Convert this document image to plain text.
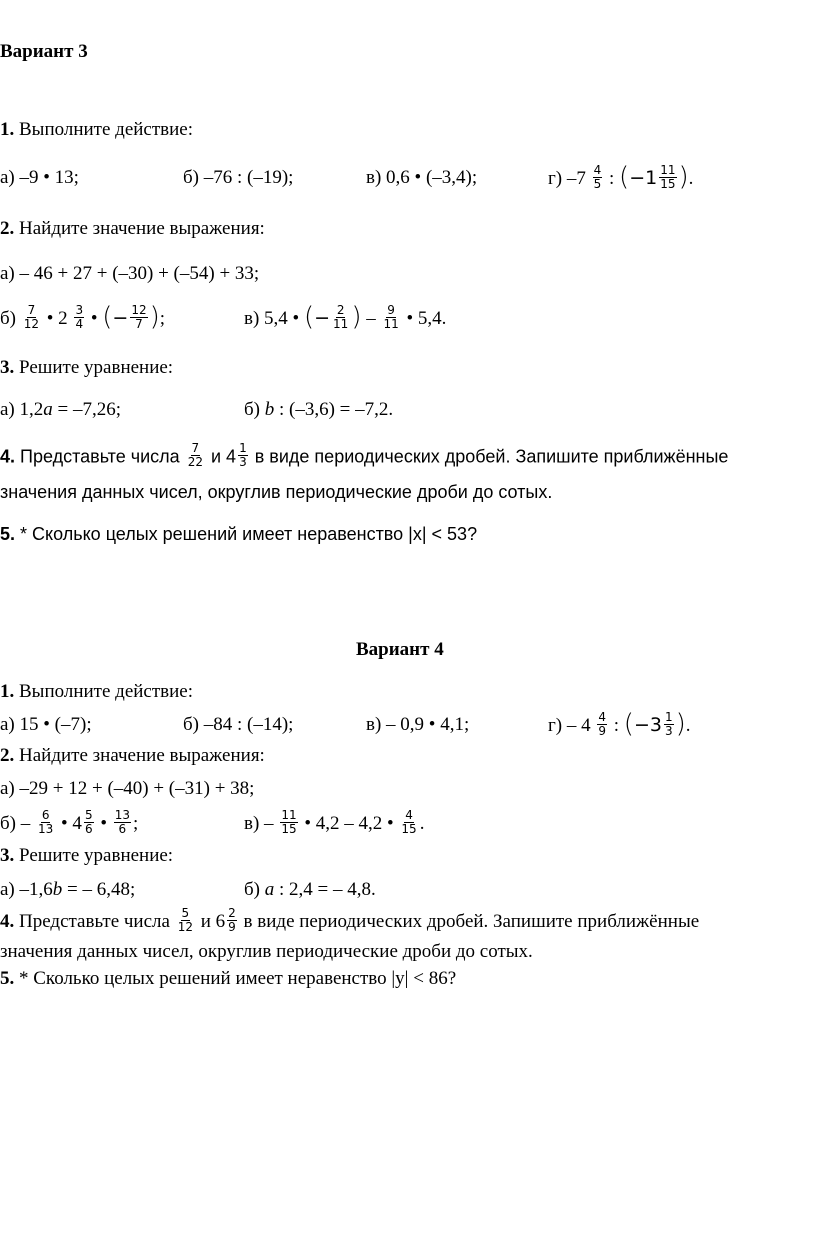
Вариант 3
1. Выполните действие:
а) –9 • 13;	б) –76 : (–19);	в) 0,6 • (–3,4);	г) $-7 \frac{4}{5}$ : ($-1 \frac{11}{15}$ ).
2. Найдите значение выражения:
а) – 46 + 27 + (–30) + (–54) + 33;
$б) \frac{7}{12}$ • $2 \frac{3}{4}$ • (− $\frac{12}{7}$ );	в) 5,4 • (− $\frac{2}{11}$ ) – $\frac{9}{11}$ • 5,4.
3. Решите уравнение:
а) 1,2a = –7,26;	б) b : (–3,6) = –7,2.
4. Представьте числа $\frac{7}{22}$ и $4 \frac{1}{3}$ в виде периодических дробей. Запишите приближённые
значения данных чисел, округлив периодические дроби до сотых.
5. * Сколько целых решений имеет неравенство |x| < 53?
Вариант 4
1. Выполните действие:
а) 15 • (–7);	б) –84 : (–14);	в) – 0,9 • 4,1;	$г) - 4 \frac{4}{9}$ : ($-3 \frac{1}{3}$ ).
2. Найдите значение выражения:
а) –29 + 12 + (–40) + (–31) + 38;
$б) - \frac{6}{13}$ • $4 \frac{5}{6}$ • $\frac{13}{6}$ ;	$в) - \frac{11}{15}$ • 4,2 – 4,2 • $\frac{4}{15}$ .
3. Решите уравнение:
а) –1,6b = – 6,48;	б) a : 2,4 = – 4,8.
4. Представьте числа $\frac{5}{12}$ и $6 \frac{2}{9}$ в виде периодических дробей. Запишите приближённые
значения данных чисел, округлив периодические дроби до сотых.
5. * Сколько целых решений имеет неравенство |y| < 86?
